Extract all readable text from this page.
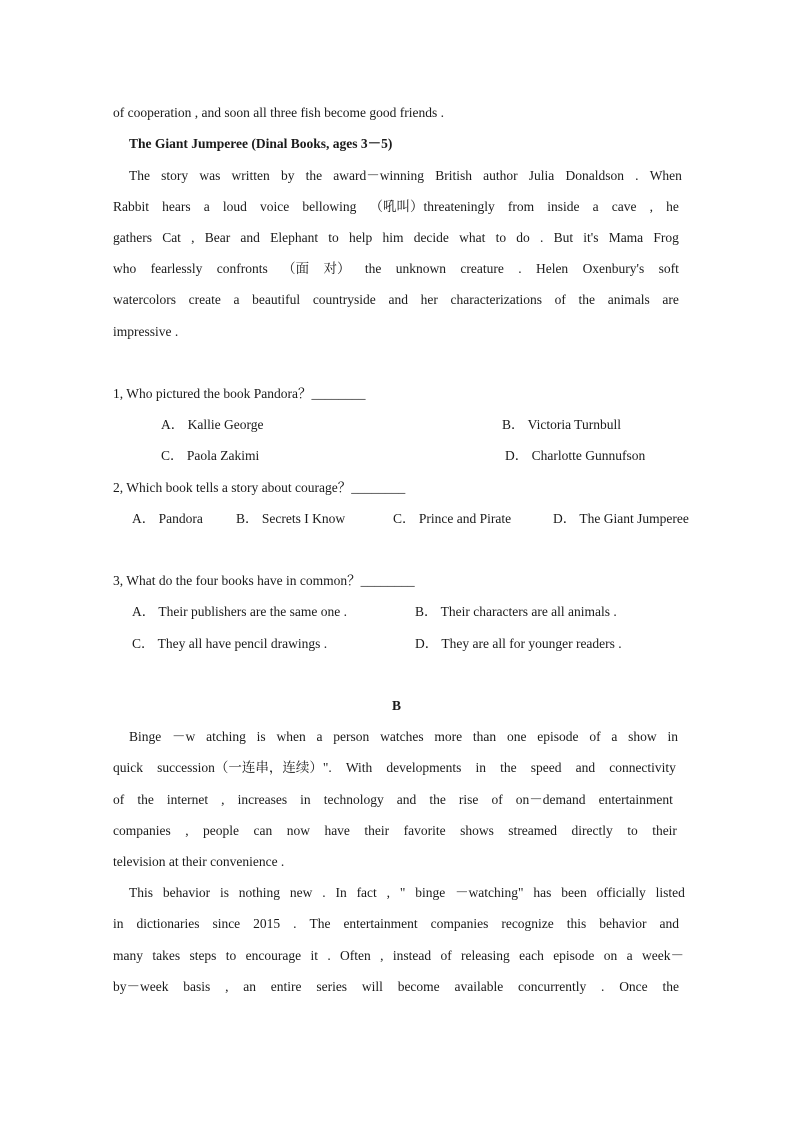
of cooperation , and soon all three fish become good friends .
The Giant Jumperee (Dinal Books, ages 3－5)
The story was written by the award－winning British author Julia Donaldson . When
Rabbit hears a loud voice bellowing （吼叫）threateningly from inside a cave , he
gathers Cat , Bear and Elephant to help him decide what to do . But it's Mama Frog
who fearlessly confronts （面 对） the unknown creature . Helen Oxenbury's soft
watercolors create a beautiful countryside and her characterizations of the animals are
impressive .
1, Who pictured the book Pandora？________
A． Kallie George	B． Victoria Turnbull
C． Paola Zakimi	D． Charlotte Gunnufson
2, Which book tells a story about courage？________
A． Pandora B． Secrets I Know	C． Prince and Pirate	D． The Giant Jumperee
3, What do the four books have in common？________
A． Their publishers are the same one .	B． Their characters are all animals .
C． They all have pencil drawings .	D． They are all for younger readers .
B
Binge －w atching is when a person watches more than one episode of a show in
quick succession（一连串，连续）". With developments in the speed and connectivity
of the internet , increases in technology and the rise of on－demand entertainment
companies , people can now have their favorite shows streamed directly to their
television at their convenience .
This behavior is nothing new . In fact , " binge －watching" has been officially listed
in dictionaries since 2015 . The entertainment companies recognize this behavior and
many takes steps to encourage it . Often , instead of releasing each episode on a week－
by－week basis , an entire series will become available concurrently . Once the
